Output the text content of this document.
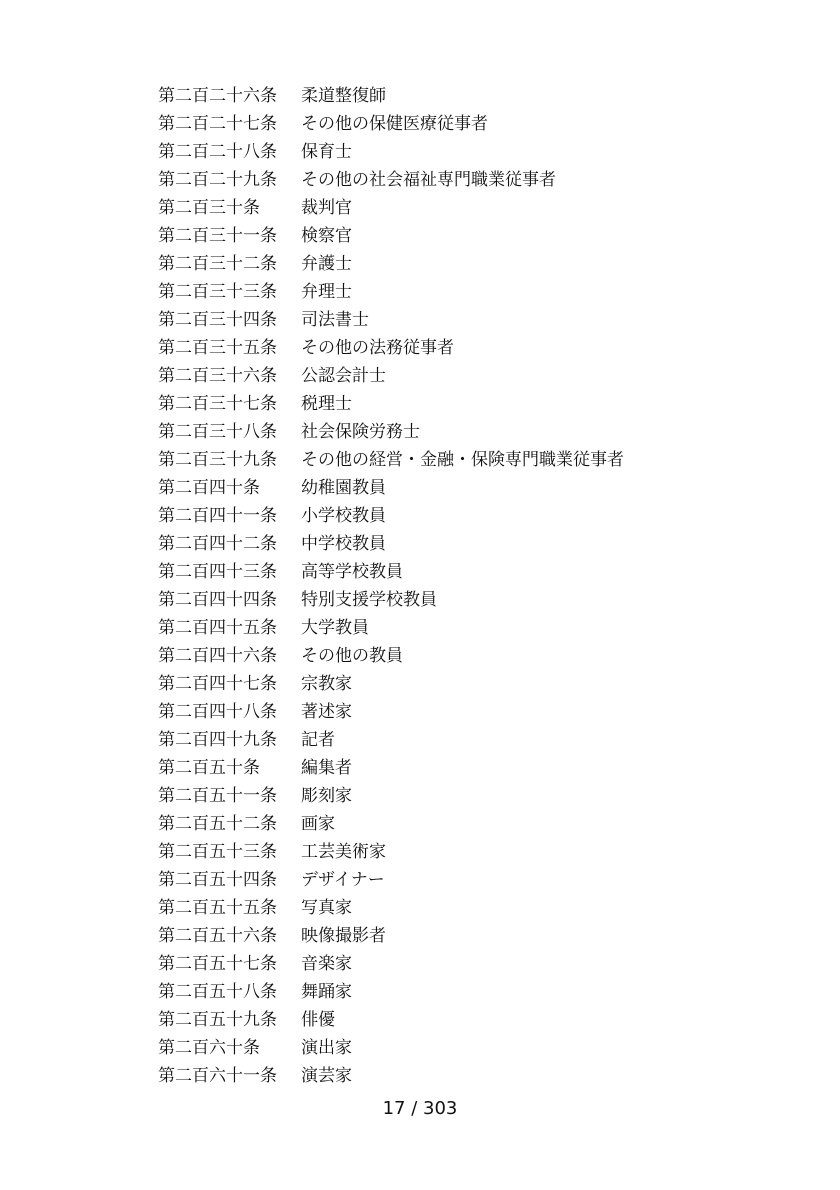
第二百二十六条	柔道整復師
第二百二十七条	その他の保健医療従事者
第二百二十八条	保育士
第二百二十九条	その他の社会福祉専門職業従事者
第二百三十条	裁判官
第二百三十一条	検察官
第二百三十二条	弁護士
第二百三十三条	弁理士
第二百三十四条	司法書士
第二百三十五条	その他の法務従事者
第二百三十六条	公認会計士
第二百三十七条	税理士
第二百三十八条	社会保険労務士
第二百三十九条	その他の経営・金融・保険専門職業従事者
第二百四十条	幼稚園教員
第二百四十一条	小学校教員
第二百四十二条	中学校教員
第二百四十三条	高等学校教員
第二百四十四条	特別支援学校教員
第二百四十五条	大学教員
第二百四十六条	その他の教員
第二百四十七条	宗教家
第二百四十八条	著述家
第二百四十九条	記者
第二百五十条	編集者
第二百五十一条	彫刻家
第二百五十二条	画家
第二百五十三条	工芸美術家
第二百五十四条	デザイナー
第二百五十五条	写真家
第二百五十六条	映像撮影者
第二百五十七条	音楽家
第二百五十八条	舞踊家
第二百五十九条	俳優
第二百六十条	演出家
第二百六十一条	演芸家
17 / 303
